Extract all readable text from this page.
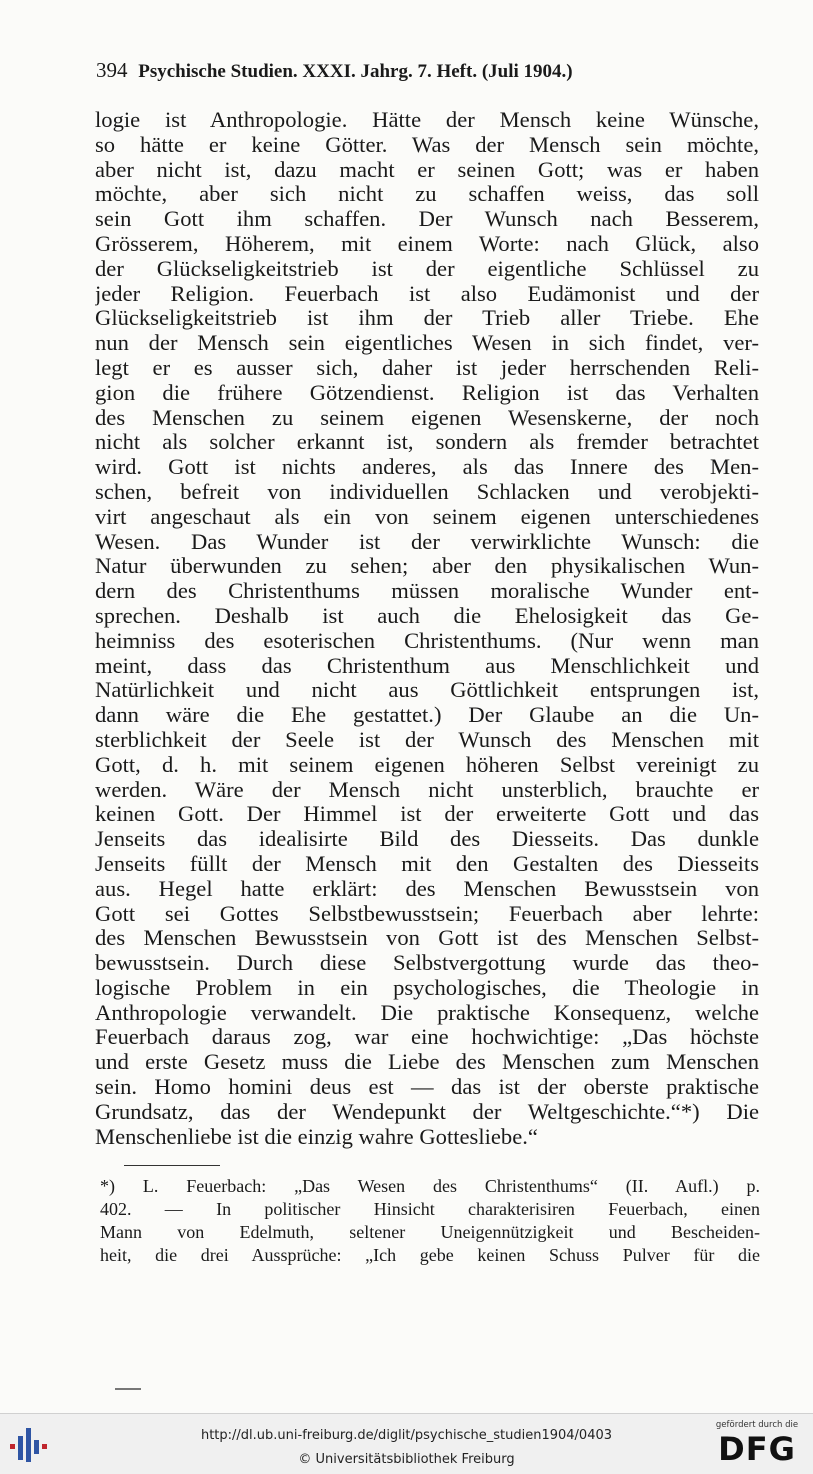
394 Psychische Studien. XXXI. Jahrg. 7. Heft. (Juli 1904.)
logie ist Anthropologie. Hätte der Mensch keine Wünsche,
so hätte er keine Götter. Was der Mensch sein möchte,
aber nicht ist, dazu macht er seinen Gott; was er haben
möchte, aber sich nicht zu schaffen weiss, das soll
sein Gott ihm schaffen. Der Wunsch nach Besserem,
Grösserem, Höherem, mit einem Worte: nach Glück, also
der Glückseligkeitstrieb ist der eigentliche Schlüssel zu
jeder Religion. Feuerbach ist also Eudämonist und der
Glückseligkeitstrieb ist ihm der Trieb aller Triebe. Ehe
nun der Mensch sein eigentliches Wesen in sich findet, ver-
legt er es ausser sich, daher ist jeder herrschenden Reli-
gion die frühere Götzendienst. Religion ist das Verhalten
des Menschen zu seinem eigenen Wesenskerne, der noch
nicht als solcher erkannt ist, sondern als fremder betrachtet
wird. Gott ist nichts anderes, als das Innere des Men-
schen, befreit von individuellen Schlacken und verobjekti-
virt angeschaut als ein von seinem eigenen unterschiedenes
Wesen. Das Wunder ist der verwirklichte Wunsch: die
Natur überwunden zu sehen; aber den physikalischen Wun-
dern des Christenthums müssen moralische Wunder ent-
sprechen. Deshalb ist auch die Ehelosigkeit das Ge-
heimniss des esoterischen Christenthums. (Nur wenn man
meint, dass das Christenthum aus Menschlichkeit und
Natürlichkeit und nicht aus Göttlichkeit entsprungen ist,
dann wäre die Ehe gestattet.) Der Glaube an die Un-
sterblichkeit der Seele ist der Wunsch des Menschen mit
Gott, d. h. mit seinem eigenen höheren Selbst vereinigt zu
werden. Wäre der Mensch nicht unsterblich, brauchte er
keinen Gott. Der Himmel ist der erweiterte Gott und das
Jenseits das idealisirte Bild des Diesseits. Das dunkle
Jenseits füllt der Mensch mit den Gestalten des Diesseits
aus. Hegel hatte erklärt: des Menschen Bewusstsein von
Gott sei Gottes Selbstbewusstsein; Feuerbach aber lehrte:
des Menschen Bewusstsein von Gott ist des Menschen Selbst-
bewusstsein. Durch diese Selbstvergottung wurde das theo-
logische Problem in ein psychologisches, die Theologie in
Anthropologie verwandelt. Die praktische Konsequenz, welche
Feuerbach daraus zog, war eine hochwichtige: „Das höchste
und erste Gesetz muss die Liebe des Menschen zum Menschen
sein. Homo homini deus est — das ist der oberste praktische
Grundsatz, das der Wendepunkt der Weltgeschichte.“*) Die
Menschenliebe ist die einzig wahre Gottesliebe.“
*) L. Feuerbach: „Das Wesen des Christenthums“ (II. Aufl.) p.
402. — In politischer Hinsicht charakterisiren Feuerbach, einen
Mann von Edelmuth, seltener Uneigennützigkeit und Bescheiden-
heit, die drei Aussprüche: „Ich gebe keinen Schuss Pulver für die
http://dl.ub.uni-freiburg.de/diglit/psychische_studien1904/0403
© Universitätsbibliothek Freiburg
gefördert durch die
DFG
